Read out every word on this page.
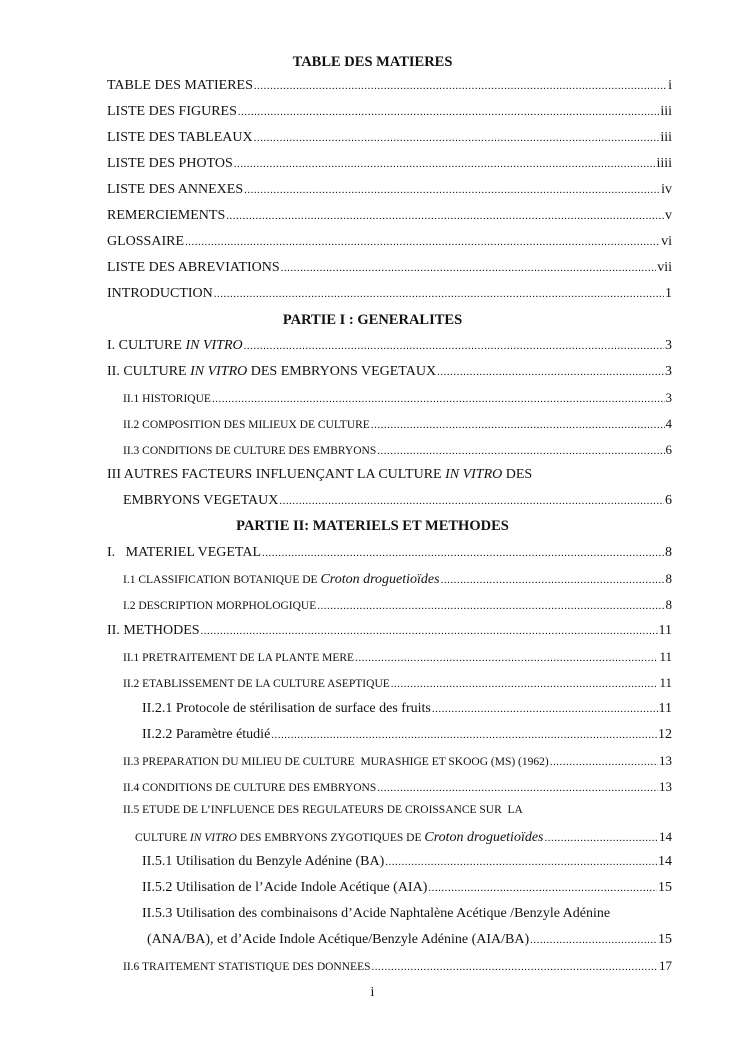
TABLE DES MATIERES
TABLE DES MATIERES .....	i
LISTE DES FIGURES .....	iii
LISTE DES TABLEAUX .....	iii
LISTE DES PHOTOS .....	iiii
LISTE DES ANNEXES .....	iv
REMERCIEMENTS .....	v
GLOSSAIRE .....	vi
LISTE DES ABREVIATIONS .....	vii
INTRODUCTION .....	1
PARTIE I : GENERALITES
I. CULTURE IN VITRO .....	3
II. CULTURE IN VITRO DES EMBRYONS VEGETAUX .....	3
II.1 HISTORIQUE .....	3
II.2 COMPOSITION DES MILIEUX DE CULTURE .....	4
II.3 CONDITIONS DE CULTURE DES EMBRYONS .....	6
III AUTRES FACTEURS INFLUENÇANT LA CULTURE IN VITRO DES
EMBRYONS VEGETAUX .....	6
PARTIE II: MATERIELS ET METHODES
I.   MATERIEL VEGETAL .....	8
I.1 CLASSIFICATION BOTANIQUE DE Croton droguetioïdes .....	8
I.2 DESCRIPTION MORPHOLOGIQUE .....	8
II. METHODES .....	11
II.1 PRETRAITEMENT DE LA PLANTE MERE .....	11
II.2 ETABLISSEMENT DE LA CULTURE ASEPTIQUE .....	11
II.2.1 Protocole de stérilisation de surface des fruits .....	11
II.2.2 Paramètre étudié .....	12
II.3 PREPARATION DU MILIEU DE CULTURE  MURASHIGE ET SKOOG (MS) (1962) .....	13
II.4 CONDITIONS DE CULTURE DES EMBRYONS .....	13
II.5 ETUDE DE L’INFLUENCE DES REGULATEURS DE CROISSANCE SUR  LA
CULTURE IN VITRO DES EMBRYONS ZYGOTIQUES DE Croton droguetioïdes .....	14
II.5.1 Utilisation du Benzyle Adénine (BA) .....	14
II.5.2 Utilisation de l’Acide Indole Acétique (AIA) .....	15
II.5.3 Utilisation des combinaisons d’Acide Naphtalène Acétique /Benzyle Adénine
(ANA/BA), et d’Acide Indole Acétique/Benzyle Adénine (AIA/BA) .....	15
II.6 TRAITEMENT STATISTIQUE DES DONNEES .....	17
i
